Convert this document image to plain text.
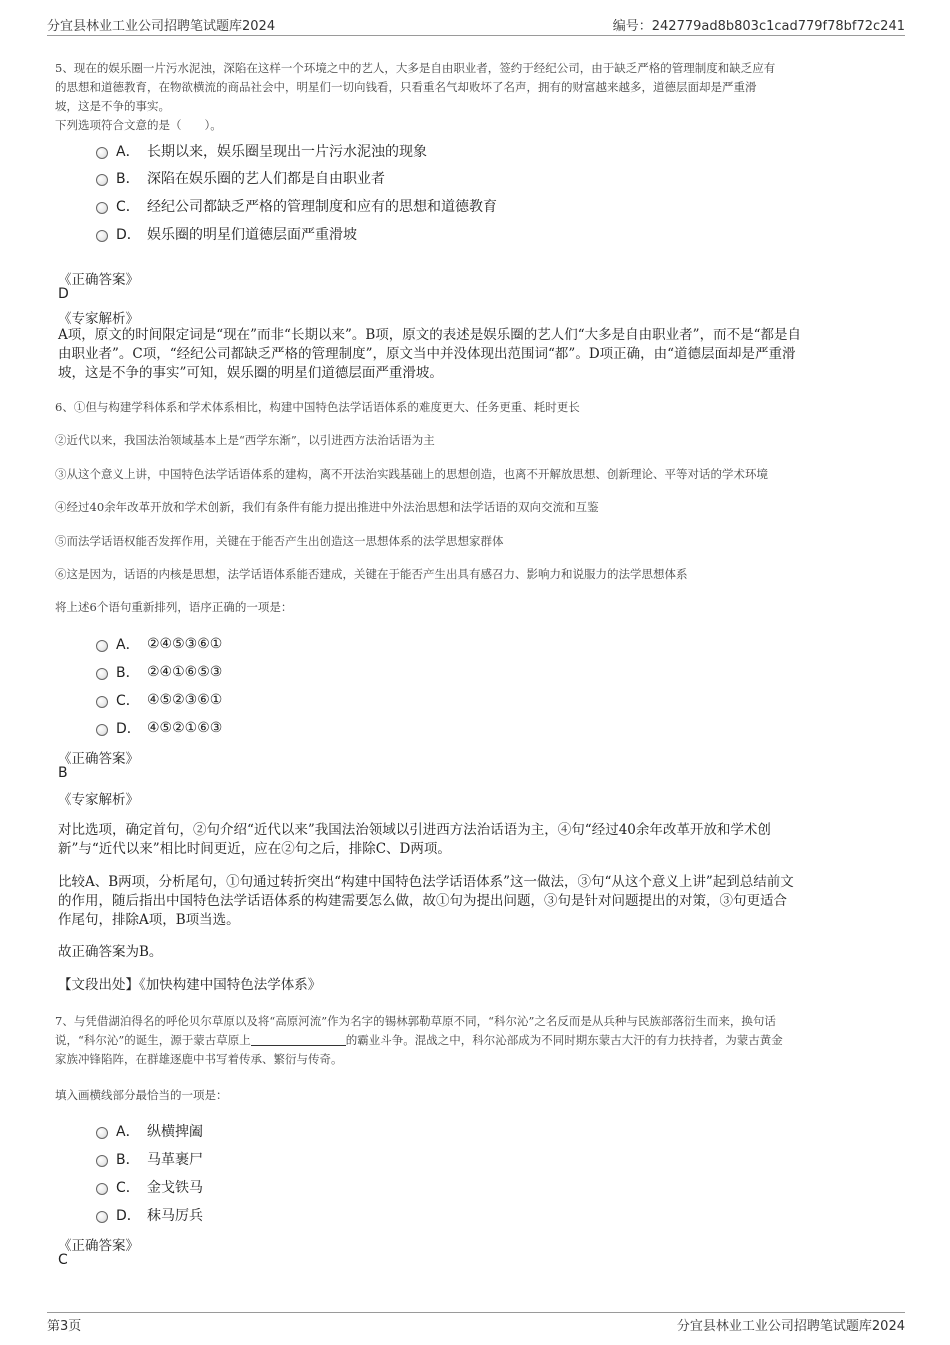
分宜县林业工业公司招聘笔试题库2024	编号：242779ad8b803c1cad779f78bf72c241
5、现在的娱乐圈一片污水泥浊，深陷在这样一个环境之中的艺人，大多是自由职业者，签约于经纪公司，由于缺乏严格的管理制度和缺乏应有
的思想和道德教育，在物欲横流的商品社会中，明星们一切向钱看，只看重名气却败坏了名声，拥有的财富越来越多，道德层面却是严重滑
坡，这是不争的事实。
下列选项符合文意的是（　　）。
A． 长期以来，娱乐圈呈现出一片污水泥浊的现象
B． 深陷在娱乐圈的艺人们都是自由职业者
C． 经纪公司都缺乏严格的管理制度和应有的思想和道德教育
D． 娱乐圈的明星们道德层面严重滑坡
《正确答案》
D
《专家解析》
A项，原文的时间限定词是“现在”而非“长期以来”。B项，原文的表述是娱乐圈的艺人们“大多是自由职业者”，而不是“都是自
由职业者”。C项，“经纪公司都缺乏严格的管理制度”，原文当中并没体现出范围词“都”。D项正确，由“道德层面却是严重滑
坡，这是不争的事实”可知，娱乐圈的明星们道德层面严重滑坡。
6、①但与构建学科体系和学术体系相比，构建中国特色法学话语体系的难度更大、任务更重、耗时更长
②近代以来，我国法治领域基本上是“西学东渐”，以引进西方法治话语为主
③从这个意义上讲，中国特色法学话语体系的建构，离不开法治实践基础上的思想创造，也离不开解放思想、创新理论、平等对话的学术环境
④经过40余年改革开放和学术创新，我们有条件有能力提出推进中外法治思想和法学话语的双向交流和互鉴
⑤而法学话语权能否发挥作用，关键在于能否产生出创造这一思想体系的法学思想家群体
⑥这是因为，话语的内核是思想，法学话语体系能否建成，关键在于能否产生出具有感召力、影响力和说服力的法学思想体系
将上述6个语句重新排列，语序正确的一项是：
A． ②④⑤③⑥①
B． ②④①⑥⑤③
C． ④⑤②③⑥①
D． ④⑤②①⑥③
《正确答案》
B
《专家解析》
对比选项，确定首句，②句介绍“近代以来”我国法治领域以引进西方法治话语为主，④句“经过40余年改革开放和学术创
新”与“近代以来”相比时间更近，应在②句之后，排除C、D两项。
比较A、B两项，分析尾句，①句通过转折突出“构建中国特色法学话语体系”这一做法，③句“从这个意义上讲”起到总结前文
的作用，随后指出中国特色法学话语体系的构建需要怎么做，故①句为提出问题，③句是针对问题提出的对策，③句更适合
作尾句，排除A项，B项当选。
故正确答案为B。
【文段出处】《加快构建中国特色法学体系》
7、与凭借湖泊得名的呼伦贝尔草原以及将“高原河流”作为名字的锡林郭勒草原不同，“科尔沁”之名反而是从兵种与民族部落衍生而来，换句话
说，“科尔沁”的诞生，源于蒙古草原上	的霸业斗争。混战之中，科尔沁部成为不同时期东蒙古大汗的有力扶持者，为蒙古黄金
家族冲锋陷阵，在群雄逐鹿中书写着传承、繁衍与传奇。
填入画横线部分最恰当的一项是：
A． 纵横捭阖
B． 马革裹尸
C． 金戈铁马
D． 秣马厉兵
《正确答案》
C
第3页	分宜县林业工业公司招聘笔试题库2024
